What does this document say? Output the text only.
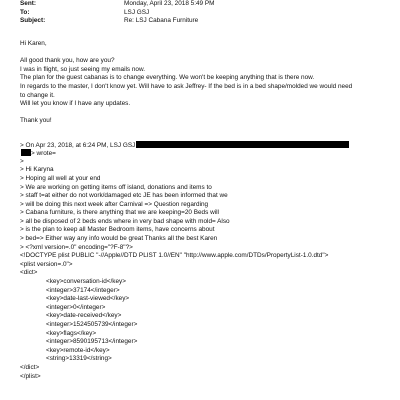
Sent:	Monday, April 23, 2018 5:49 PM
To:	LSJ GSJ
Subject:	Re: LSJ Cabana Furniture
Hi Karen,
All good thank you, how are you?
I was in flight, so just seeing my emails now.
The plan for the guest cabanas is to change everything. We won't be keeping anything that is there now.
In regards to the master, I don't know yet. Will have to ask Jeffrey- If the bed is in a bed shape/molded we would need
to change it.
Will let you know if I have any updates.
Thank you!
> On Apr 23, 2018, at 6:24 PM, LSJ GSJ
> wrote=
>
> Hi Karyna
> Hoping all well at your end
> We are working on getting items off island, donations and items to
> staff t=at either do not work/damaged etc JE has been informed that we
> will be doing this next week after Carnival => Question regarding
> Cabana furniture, is there anything that we are keeping=20 Beds will
> all be disposed of 2 beds ends where in very bad shape with mold= Also
> is the plan to keep all Master Bedroom items, have concerns about
> bed=> Either way any info would be great Thanks all the best Karen
> <?xml version=.0" encoding="?F-8"?>
<!DOCTYPE plist PUBLIC "-//Apple//DTD PLIST 1.0//EN" "http://www.apple.com/DTDs/PropertyList-1.0.dtd">
<plist version=.0">
<dict>
<key>conversation-id</key>
<integer>37174</integer>
<key>date-last-viewed</key>
<integer>0</integer>
<key>date-received</key>
<integer>1524505739</integer>
<key>flags</key>
<integer>8590195713</integer>
<key>remote-id</key>
<string>13319</string>
</dict>
</plist>
